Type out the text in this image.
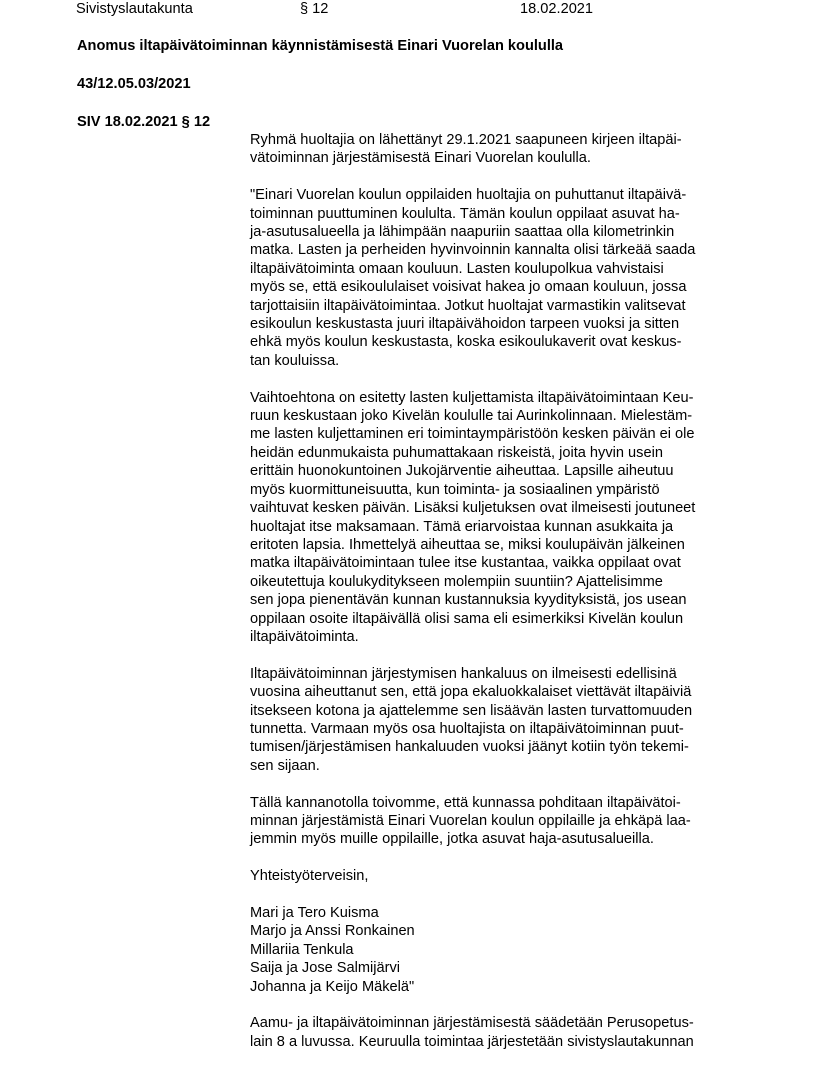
Sivistyslautakunta	§ 12	18.02.2021
Anomus iltapäivätoiminnan käynnistämisestä Einari Vuorelan koululla
43/12.05.03/2021
SIV 18.02.2021 § 12
Ryhmä huoltajia on lähettänyt 29.1.2021 saapuneen kirjeen iltapäi-
vätoiminnan järjestämisestä Einari Vuorelan koululla.
"Einari Vuorelan koulun oppilaiden huoltajia on puhuttanut iltapäivä-
toiminnan puuttuminen koululta. Tämän koulun oppilaat asuvat ha-
ja-asutusalueella ja lähimpään naapuriin saattaa olla kilometrinkin
matka. Lasten ja perheiden hyvinvoinnin kannalta olisi tärkeää saada
iltapäivätoiminta omaan kouluun. Lasten koulupolkua vahvistaisi
myös se, että esikoululaiset voisivat hakea jo omaan kouluun, jossa
tarjottaisiin iltapäivätoimintaa. Jotkut huoltajat varmastikin valitsevat
esikoulun keskustasta juuri iltapäivähoidon tarpeen vuoksi ja sitten
ehkä myös koulun keskustasta, koska esikoulukaverit ovat keskus-
tan kouluissa.
Vaihtoehtona on esitetty lasten kuljettamista iltapäivätoimintaan Keu-
ruun keskustaan joko Kivelän koululle tai Aurinkolinnaan. Mielestäm-
me lasten kuljettaminen eri toimintaympäristöön kesken päivän ei ole
heidän edunmukaista puhumattakaan riskeistä, joita hyvin usein
erittäin huonokuntoinen Jukojärventie aiheuttaa. Lapsille aiheutuu
myös kuormittuneisuutta, kun toiminta- ja sosiaalinen ympäristö
vaihtuvat kesken päivän. Lisäksi kuljetuksen ovat ilmeisesti joutuneet
huoltajat itse maksamaan. Tämä eriarvoistaa kunnan asukkaita ja
eritoten lapsia. Ihmettelyä aiheuttaa se, miksi koulupäivän jälkeinen
matka iltapäivätoimintaan tulee itse kustantaa, vaikka oppilaat ovat
oikeutettuja koulukyditykseen molempiin suuntiin? Ajattelisimme
sen jopa pienentävän kunnan kustannuksia kyydityksistä, jos usean
oppilaan osoite iltapäivällä olisi sama eli esimerkiksi Kivelän koulun
iltapäivätoiminta.
Iltapäivätoiminnan järjestymisen hankaluus on ilmeisesti edellisinä
vuosina aiheuttanut sen, että jopa ekaluokkalaiset viettävät iltapäiviä
itsekseen kotona ja ajattelemme sen lisäävän lasten turvattomuuden
tunnetta. Varmaan myös osa huoltajista on iltapäivätoiminnan puut-
tumisen/järjestämisen hankaluuden vuoksi jäänyt kotiin työn tekemi-
sen sijaan.
Tällä kannanotolla toivomme, että kunnassa pohditaan iltapäivätoi-
minnan järjestämistä Einari Vuorelan koulun oppilaille ja ehkäpä laa-
jemmin myös muille oppilaille, jotka asuvat haja-asutusalueilla.
Yhteistyöterveisin,
Mari ja Tero Kuisma
Marjo ja Anssi Ronkainen
Millariia Tenkula
Saija ja Jose Salmijärvi
Johanna ja Keijo Mäkelä"
Aamu- ja iltapäivätoiminnan järjestämisestä säädetään Perusopetus-
lain 8 a luvussa. Keuruulla toimintaa järjestetään sivistyslautakunnan
